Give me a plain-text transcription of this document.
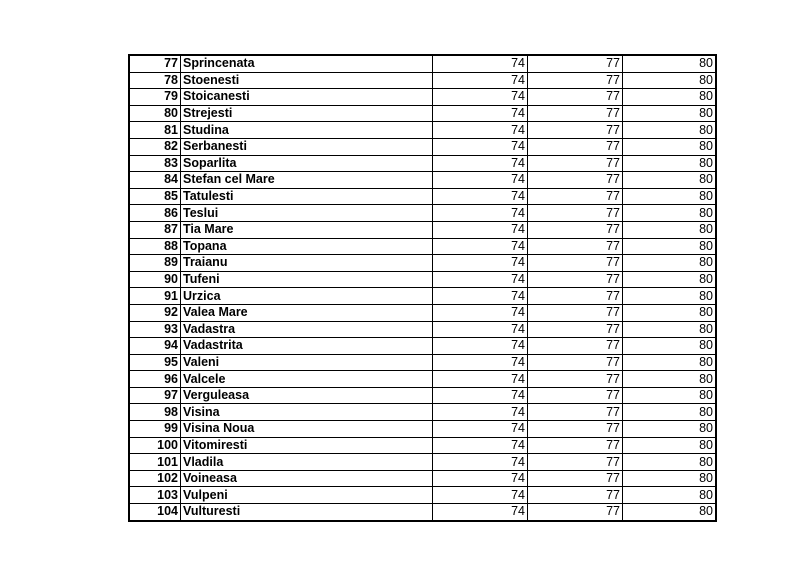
77	Sprincenata	74	77	80
78	Stoenesti	74	77	80
79	Stoicanesti	74	77	80
80	Strejesti	74	77	80
81	Studina	74	77	80
82	Serbanesti	74	77	80
83	Soparlita	74	77	80
84	Stefan cel Mare	74	77	80
85	Tatulesti	74	77	80
86	Teslui	74	77	80
87	Tia Mare	74	77	80
88	Topana	74	77	80
89	Traianu	74	77	80
90	Tufeni	74	77	80
91	Urzica	74	77	80
92	Valea Mare	74	77	80
93	Vadastra	74	77	80
94	Vadastrita	74	77	80
95	Valeni	74	77	80
96	Valcele	74	77	80
97	Verguleasa	74	77	80
98	Visina	74	77	80
99	Visina Noua	74	77	80
100	Vitomiresti	74	77	80
101	Vladila	74	77	80
102	Voineasa	74	77	80
103	Vulpeni	74	77	80
104	Vulturesti	74	77	80
